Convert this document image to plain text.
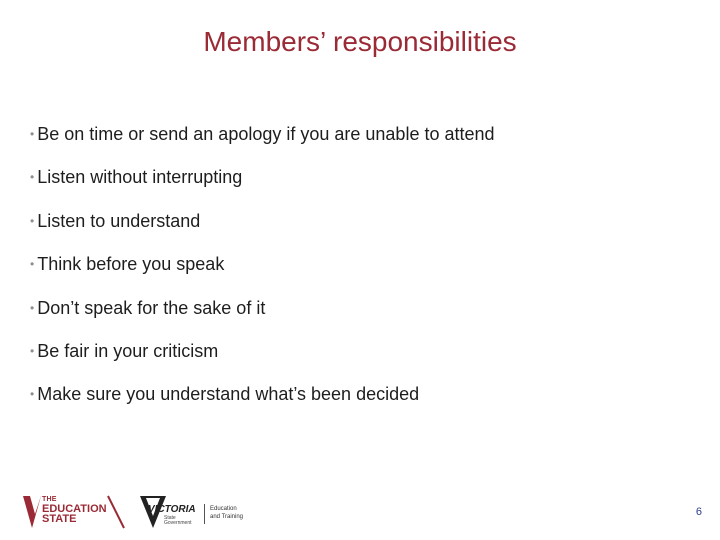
Members’ responsibilities
• Be on time or send an apology if you are unable to attend
• Listen without interrupting
• Listen to understand
• Think before you speak
• Don’t speak for the sake of it
• Be fair in your criticism
• Make sure you understand what’s been decided
THE
EDUCATION
STATE
VICTORIA
State Government
Education
and Training	6
